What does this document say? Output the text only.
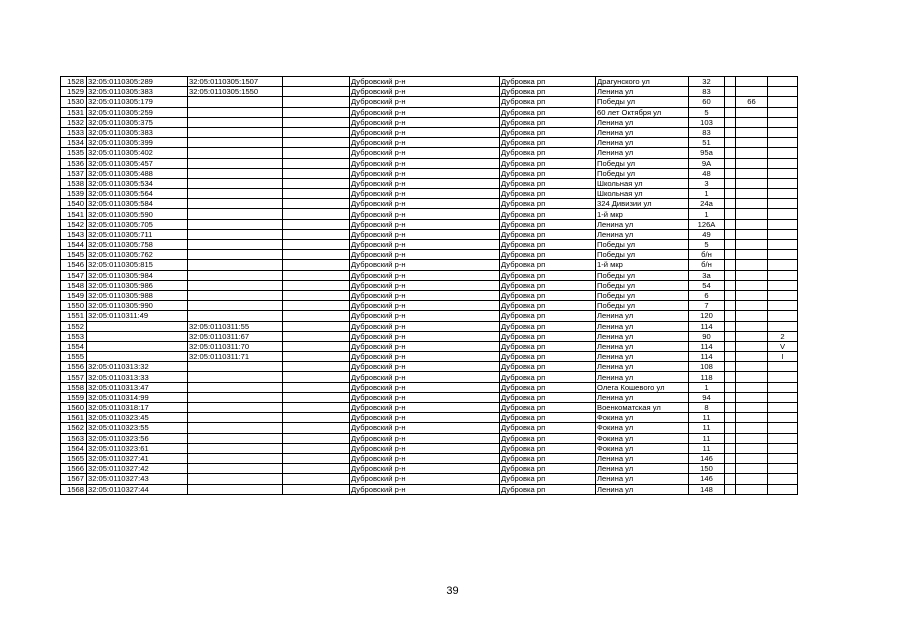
1528	32:05:0110305:289	32:05:0110305:1507		Дубровский р-н	Дубровка рп	Драгунского ул	32			
1529	32:05:0110305:383	32:05:0110305:1550		Дубровский р-н	Дубровка рп	Ленина ул	83			
1530	32:05:0110305:179			Дубровский р-н	Дубровка рп	Победы ул	60		66	
1531	32:05:0110305:259			Дубровский р-н	Дубровка рп	60 лет Октября ул	5			
1532	32:05:0110305:375			Дубровский р-н	Дубровка рп	Ленина ул	103			
1533	32:05:0110305:383			Дубровский р-н	Дубровка рп	Ленина ул	83			
1534	32:05:0110305:399			Дубровский р-н	Дубровка рп	Ленина ул	51			
1535	32:05:0110305:402			Дубровский р-н	Дубровка рп	Ленина ул	95а			
1536	32:05:0110305:457			Дубровский р-н	Дубровка рп	Победы ул	9А			
1537	32:05:0110305:488			Дубровский р-н	Дубровка рп	Победы ул	48			
1538	32:05:0110305:534			Дубровский р-н	Дубровка рп	Школьная ул	3			
1539	32:05:0110305:564			Дубровский р-н	Дубровка рп	Школьная ул	1			
1540	32:05:0110305:584			Дубровский р-н	Дубровка рп	324 Дивизии ул	24а			
1541	32:05:0110305:590			Дубровский р-н	Дубровка рп	1-й мкр	1			
1542	32:05:0110305:705			Дубровский р-н	Дубровка рп	Ленина ул	126А			
1543	32:05:0110305:711			Дубровский р-н	Дубровка рп	Ленина ул	49			
1544	32:05:0110305:758			Дубровский р-н	Дубровка рп	Победы ул	5			
1545	32:05:0110305:762			Дубровский р-н	Дубровка рп	Победы ул	б/н			
1546	32:05:0110305:815			Дубровский р-н	Дубровка рп	1-й мкр	б/н			
1547	32:05:0110305:984			Дубровский р-н	Дубровка рп	Победы ул	3а			
1548	32:05:0110305:986			Дубровский р-н	Дубровка рп	Победы ул	54			
1549	32:05:0110305:988			Дубровский р-н	Дубровка рп	Победы ул	6			
1550	32:05:0110305:990			Дубровский р-н	Дубровка рп	Победы ул	7			
1551	32:05:0110311:49			Дубровский р-н	Дубровка рп	Ленина ул	120			
1552		32:05:0110311:55		Дубровский р-н	Дубровка рп	Ленина ул	114			
1553		32:05:0110311:67		Дубровский р-н	Дубровка рп	Ленина ул	90			2
1554		32:05:0110311:70		Дубровский р-н	Дубровка рп	Ленина ул	114			V
1555		32:05:0110311:71		Дубровский р-н	Дубровка рп	Ленина ул	114			I
1556	32:05:0110313:32			Дубровский р-н	Дубровка рп	Ленина ул	108			
1557	32:05:0110313:33			Дубровский р-н	Дубровка рп	Ленина ул	118			
1558	32:05:0110313:47			Дубровский р-н	Дубровка рп	Олега Кошевого ул	1			
1559	32:05:0110314:99			Дубровский р-н	Дубровка рп	Ленина ул	94			
1560	32:05:0110318:17			Дубровский р-н	Дубровка рп	Военкоматская ул	8			
1561	32:05:0110323:45			Дубровский р-н	Дубровка рп	Фокина ул	11			
1562	32:05:0110323:55			Дубровский р-н	Дубровка рп	Фокина ул	11			
1563	32:05:0110323:56			Дубровский р-н	Дубровка рп	Фокина ул	11			
1564	32:05:0110323:61			Дубровский р-н	Дубровка рп	Фокина ул	11			
1565	32:05:0110327:41			Дубровский р-н	Дубровка рп	Ленина ул	146			
1566	32:05:0110327:42			Дубровский р-н	Дубровка рп	Ленина ул	150			
1567	32:05:0110327:43			Дубровский р-н	Дубровка рп	Ленина ул	146			
1568	32:05:0110327:44			Дубровский р-н	Дубровка рп	Ленина ул	148			
39
